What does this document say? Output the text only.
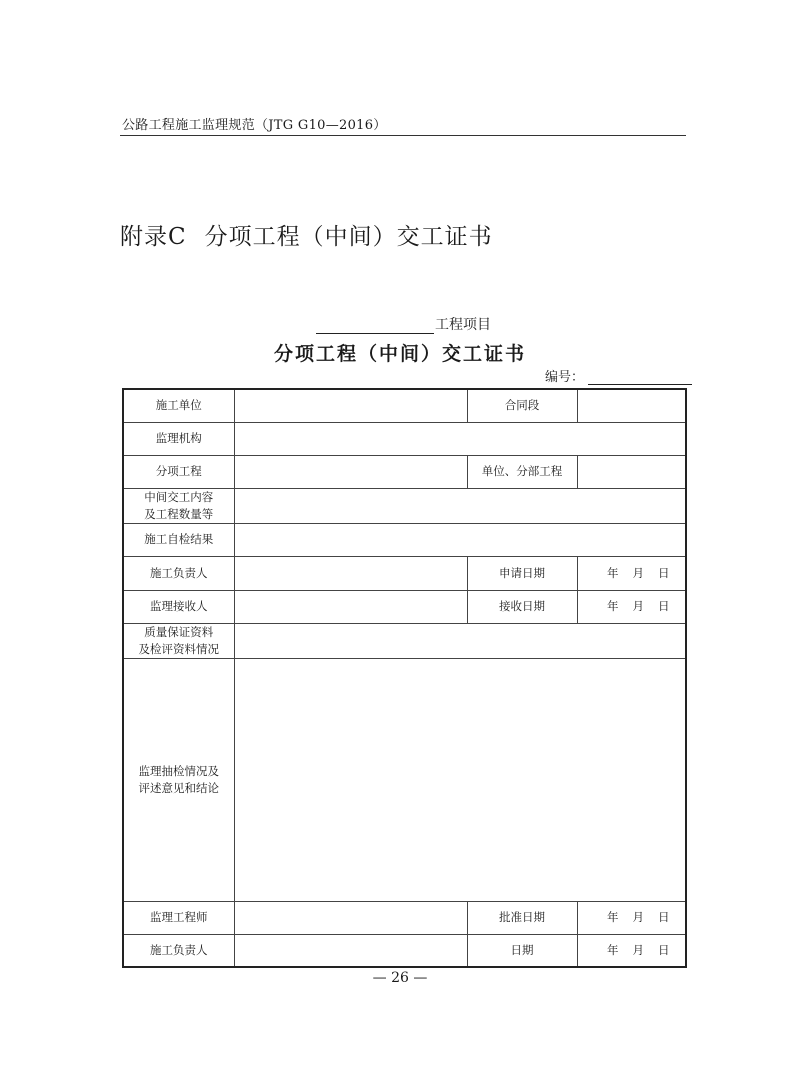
公路工程施工监理规范（JTG G10—2016）
附录C 分项工程（中间）交工证书
工程项目
分项工程（中间）交工证书
编号：
施工单位		合同段	
监理机构			
分项工程		单位、分部工程	
中间交工内容
及工程数量等			
施工自检结果			
施工负责人		申请日期	年 月 日
监理接收人		接收日期	年 月 日
质量保证资料
及检评资料情况			
监理抽检情况及
评述意见和结论			
监理工程师		批准日期	年 月 日
施工负责人		日期	年 月 日
— 26 —
